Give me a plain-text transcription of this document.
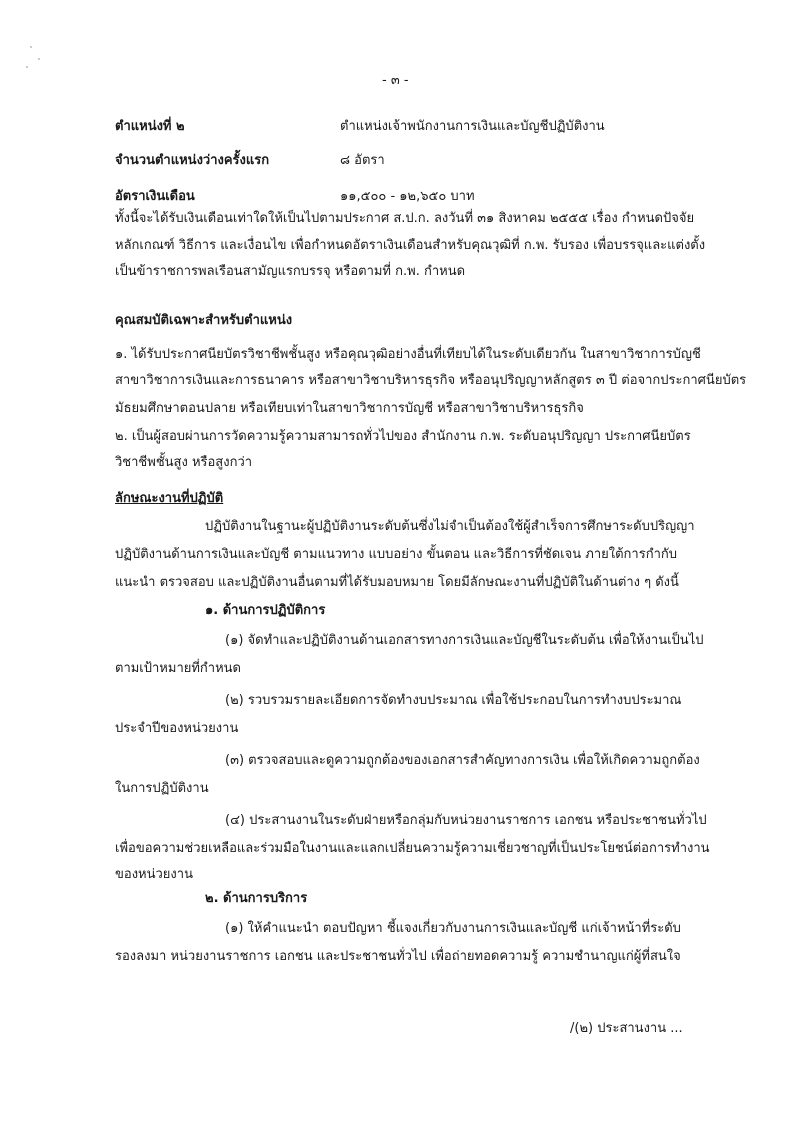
- ๓ -
ตำแหน่งที่ ๒	ตำแหน่งเจ้าพนักงานการเงินและบัญชีปฏิบัติงาน
จำนวนตำแหน่งว่างครั้งแรก	๘ อัตรา
อัตราเงินเดือน	๑๑,๕๐๐ - ๑๒,๖๕๐ บาท
ทั้งนี้จะได้รับเงินเดือนเท่าใดให้เป็นไปตามประกาศ ส.ป.ก. ลงวันที่ ๓๑ สิงหาคม ๒๕๕๕ เรื่อง กำหนดปัจจัย
หลักเกณฑ์ วิธีการ และเงื่อนไข เพื่อกำหนดอัตราเงินเดือนสำหรับคุณวุฒิที่ ก.พ. รับรอง เพื่อบรรจุและแต่งตั้ง
เป็นข้าราชการพลเรือนสามัญแรกบรรจุ หรือตามที่ ก.พ. กำหนด
คุณสมบัติเฉพาะสำหรับตำแหน่ง
๑. ได้รับประกาศนียบัตรวิชาชีพชั้นสูง หรือคุณวุฒิอย่างอื่นที่เทียบได้ในระดับเดียวกัน ในสาขาวิชาการบัญชี
สาขาวิชาการเงินและการธนาคาร หรือสาขาวิชาบริหารธุรกิจ หรืออนุปริญญาหลักสูตร ๓ ปี ต่อจากประกาศนียบัตร
มัธยมศึกษาตอนปลาย หรือเทียบเท่าในสาขาวิชาการบัญชี หรือสาขาวิชาบริหารธุรกิจ
๒. เป็นผู้สอบผ่านการวัดความรู้ความสามารถทั่วไปของ สำนักงาน ก.พ. ระดับอนุปริญญา ประกาศนียบัตร
วิชาชีพชั้นสูง หรือสูงกว่า
ลักษณะงานที่ปฏิบัติ
ปฏิบัติงานในฐานะผู้ปฏิบัติงานระดับต้นซึ่งไม่จำเป็นต้องใช้ผู้สำเร็จการศึกษาระดับปริญญา
ปฏิบัติงานด้านการเงินและบัญชี ตามแนวทาง แบบอย่าง ขั้นตอน และวิธีการที่ชัดเจน ภายใต้การกำกับ
แนะนำ ตรวจสอบ และปฏิบัติงานอื่นตามที่ได้รับมอบหมาย โดยมีลักษณะงานที่ปฏิบัติในด้านต่าง ๆ ดังนี้
๑. ด้านการปฏิบัติการ
(๑) จัดทำและปฏิบัติงานด้านเอกสารทางการเงินและบัญชีในระดับต้น เพื่อให้งานเป็นไป
ตามเป้าหมายที่กำหนด
(๒) รวบรวมรายละเอียดการจัดทำงบประมาณ เพื่อใช้ประกอบในการทำงบประมาณ
ประจำปีของหน่วยงาน
(๓) ตรวจสอบและดูความถูกต้องของเอกสารสำคัญทางการเงิน เพื่อให้เกิดความถูกต้อง
ในการปฏิบัติงาน
(๔) ประสานงานในระดับฝ่ายหรือกลุ่มกับหน่วยงานราชการ เอกชน หรือประชาชนทั่วไป
เพื่อขอความช่วยเหลือและร่วมมือในงานและแลกเปลี่ยนความรู้ความเชี่ยวชาญที่เป็นประโยชน์ต่อการทำงาน
ของหน่วยงาน
๒. ด้านการบริการ
(๑) ให้คำแนะนำ ตอบปัญหา ชี้แจงเกี่ยวกับงานการเงินและบัญชี แก่เจ้าหน้าที่ระดับ
รองลงมา หน่วยงานราชการ เอกชน และประชาชนทั่วไป เพื่อถ่ายทอดความรู้ ความชำนาญแก่ผู้ที่สนใจ
/(๒) ประสานงาน ...
